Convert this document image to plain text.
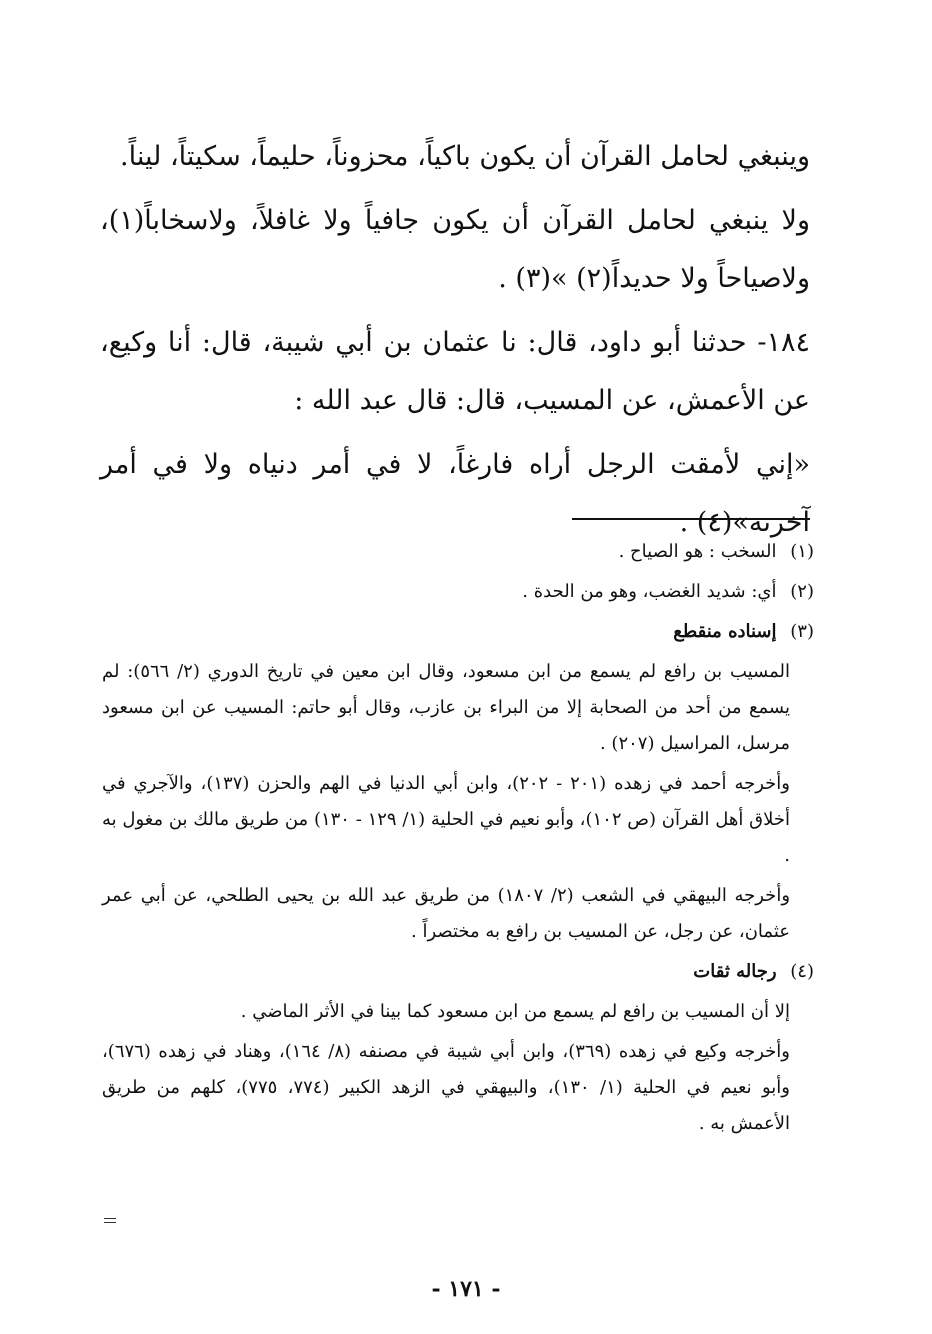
وينبغي لحامل القرآن أن يكون باكياً، محزوناً، حليماً، سكيتاً، ليناً.

ولا ينبغي لحامل القرآن أن يكون جافياً ولا غافلاً، ولاسخاباً(١)، ولاصياحاً ولا حديداً(٢) »(٣) .

١٨٤- حدثنا أبو داود، قال: نا عثمان بن أبي شيبة، قال: أنا وكيع، عن الأعمش، عن المسيب، قال: قال عبد الله :

«إني لأمقت الرجل أراه فارغاً، لا في أمر دنياه ولا في أمر آخرته»(٤) .

(١) السخب : هو الصياح .
(٢) أي: شديد الغضب، وهو من الحدة .
(٣) إسناده منقطع

المسيب بن رافع لم يسمع من ابن مسعود، وقال ابن معين في تاريخ الدوري (٢/ ٥٦٦): لم يسمع من أحد من الصحابة إلا من البراء بن عازب، وقال أبو حاتم: المسيب عن ابن مسعود مرسل، المراسيل (٢٠٧) .

وأخرجه أحمد في زهده (٢٠١ - ٢٠٢)، وابن أبي الدنيا في الهم والحزن (١٣٧)، والآجري في أخلاق أهل القرآن (ص ١٠٢)، وأبو نعيم في الحلية (١/ ١٢٩ - ١٣٠) من طريق مالك بن مغول به .

وأخرجه البيهقي في الشعب (٢/ ١٨٠٧) من طريق عبد الله بن يحيى الطلحي، عن أبي عمر عثمان، عن رجل، عن المسيب بن رافع به مختصراً .

(٤) رجاله ثقات

إلا أن المسيب بن رافع لم يسمع من ابن مسعود كما بينا في الأثر الماضي .

وأخرجه وكيع في زهده (٣٦٩)، وابن أبي شيبة في مصنفه (٨/ ١٦٤)، وهناد في زهده (٦٧٦)، وأبو نعيم في الحلية (١/ ١٣٠)، والبيهقي في الزهد الكبير (٧٧٤، ٧٧٥)، كلهم من طريق الأعمش به .

- ١٧١ -
